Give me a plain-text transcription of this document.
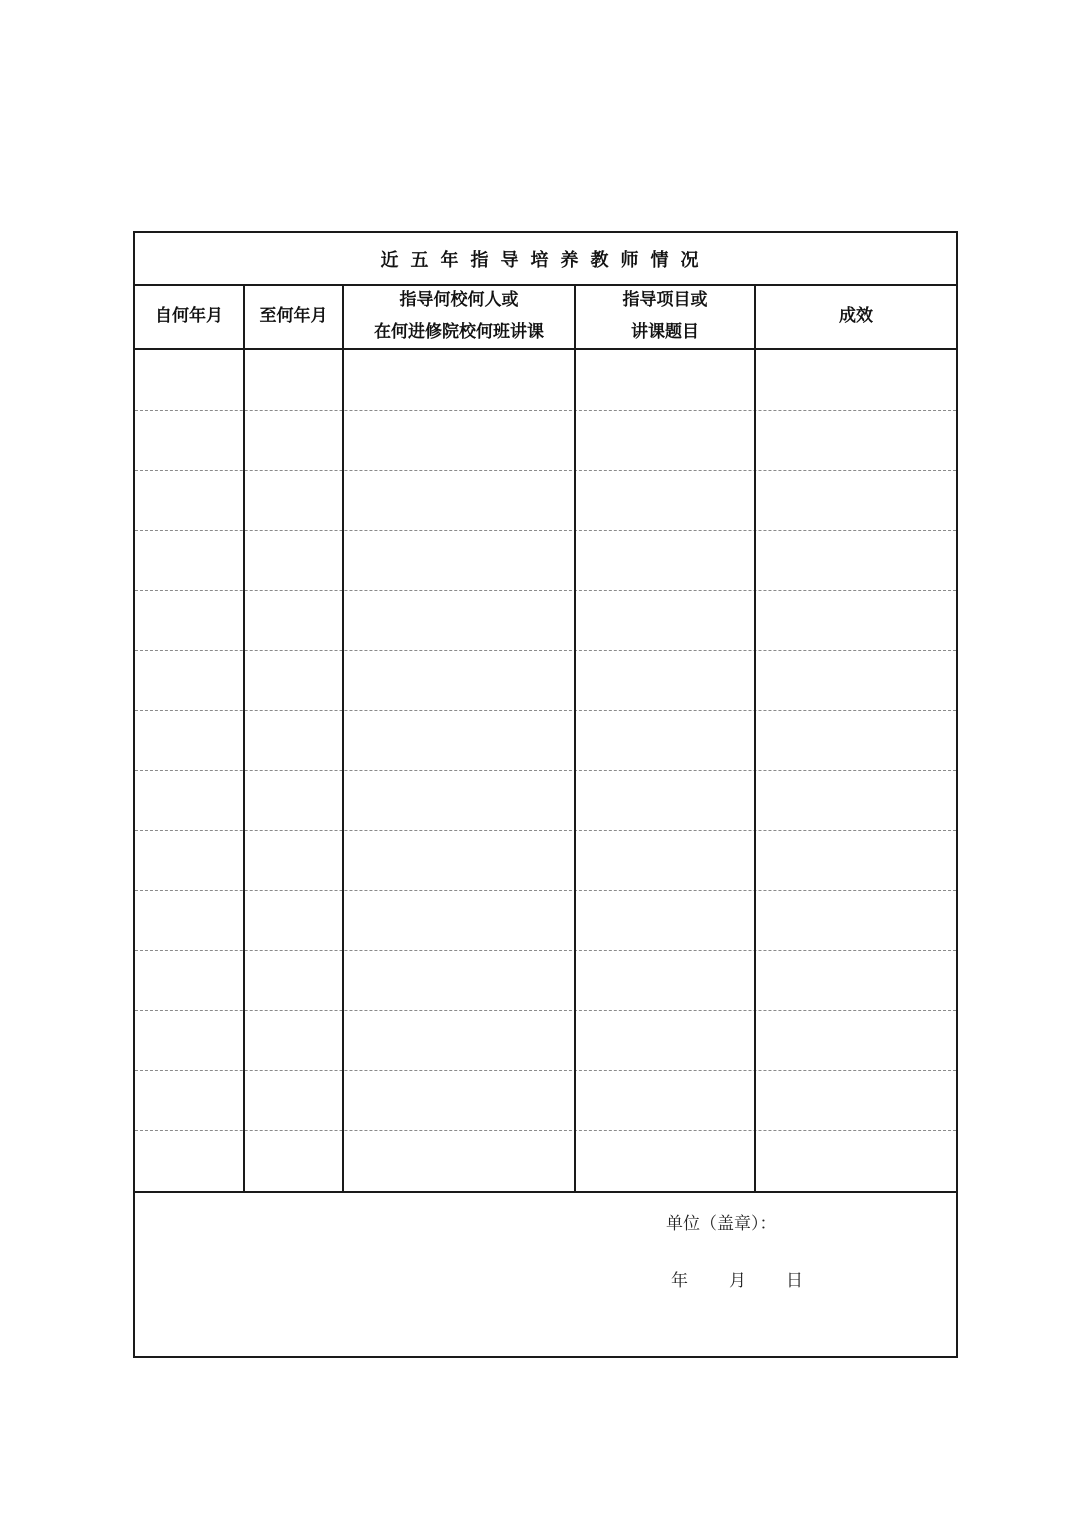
近五年指导培养教师情况
自何年月 至何年月
指导何校何人或
在何进修院校何班讲课
指导项目或
讲课题目
成效
单位（盖章）：
年 月 日
